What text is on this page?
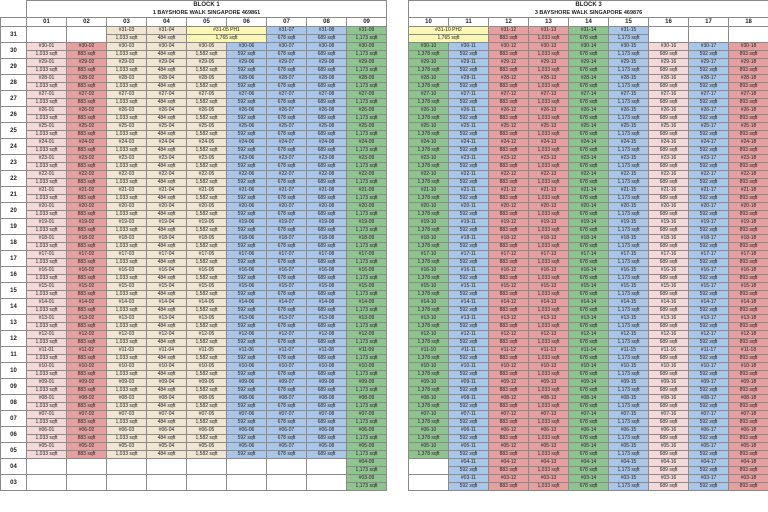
	BLOCK 1								
	1 BAYSHORE WALK SINGAPORE 469861								
	01	02	03	04	05	06	07	08	09
31			#31-03	#31-04	#31-05 PH1		#31-07	#31-08	#31-09
			1,033 sqft	484 sqft	1,765 sqft		678 sqft	689 sqft	1,173 sqft
30	#30-01	#30-02	#30-03	#30-04	#30-05	#30-06	#30-07	#30-08	#30-09
	1,033 sqft	883 sqft	1,033 sqft	484 sqft	1,582 sqft	592 sqft	678 sqft	689 sqft	1,173 sqft
29	#29-01	#29-02	#29-03	#29-04	#29-05	#29-06	#29-07	#29-08	#29-09
	1,033 sqft	883 sqft	1,033 sqft	484 sqft	1,582 sqft	592 sqft	678 sqft	689 sqft	1,173 sqft
28	#28-01	#28-02	#28-03	#28-04	#28-05	#28-06	#28-07	#28-08	#28-09
	1,033 sqft	883 sqft	1,033 sqft	484 sqft	1,582 sqft	592 sqft	678 sqft	689 sqft	1,173 sqft
27	#27-01	#27-02	#27-03	#27-04	#27-05	#27-06	#27-07	#27-08	#27-09
	1,033 sqft	883 sqft	1,033 sqft	484 sqft	1,582 sqft	592 sqft	678 sqft	689 sqft	1,173 sqft
26	#26-01	#26-02	#26-03	#26-04	#26-05	#26-06	#26-07	#26-08	#26-09
	1,033 sqft	883 sqft	1,033 sqft	484 sqft	1,582 sqft	592 sqft	678 sqft	689 sqft	1,173 sqft
25	#25-01	#25-02	#25-03	#25-04	#25-05	#25-06	#25-07	#25-08	#25-09
	1,033 sqft	883 sqft	1,033 sqft	484 sqft	1,582 sqft	592 sqft	678 sqft	689 sqft	1,173 sqft
24	#24-01	#24-02	#24-03	#24-04	#24-05	#24-06	#24-07	#24-08	#24-09
	1,033 sqft	883 sqft	1,033 sqft	484 sqft	1,582 sqft	592 sqft	678 sqft	689 sqft	1,173 sqft
23	#23-01	#23-02	#23-03	#23-04	#23-05	#23-06	#23-07	#23-08	#23-09
	1,033 sqft	883 sqft	1,033 sqft	484 sqft	1,582 sqft	592 sqft	678 sqft	689 sqft	1,173 sqft
22	#22-01	#22-02	#22-03	#22-04	#22-05	#22-06	#22-07	#22-08	#22-09
	1,033 sqft	883 sqft	1,033 sqft	484 sqft	1,582 sqft	592 sqft	678 sqft	689 sqft	1,173 sqft
21	#21-01	#21-02	#21-03	#21-04	#21-05	#21-06	#21-07	#21-08	#21-09
	1,033 sqft	883 sqft	1,033 sqft	484 sqft	1,582 sqft	592 sqft	678 sqft	689 sqft	1,173 sqft
20	#20-01	#20-02	#20-03	#20-04	#20-05	#20-06	#20-07	#20-08	#20-09
	1,033 sqft	883 sqft	1,033 sqft	484 sqft	1,582 sqft	592 sqft	678 sqft	689 sqft	1,173 sqft
19	#19-01	#19-02	#19-03	#19-04	#19-05	#19-06	#19-07	#19-08	#19-09
	1,033 sqft	883 sqft	1,033 sqft	484 sqft	1,582 sqft	592 sqft	678 sqft	689 sqft	1,173 sqft
18	#18-01	#18-02	#18-03	#18-04	#18-05	#18-06	#18-07	#18-08	#18-09
	1,033 sqft	883 sqft	1,033 sqft	484 sqft	1,582 sqft	592 sqft	678 sqft	689 sqft	1,173 sqft
17	#17-01	#17-02	#17-03	#17-04	#17-05	#17-06	#17-07	#17-08	#17-09
	1,033 sqft	883 sqft	1,033 sqft	484 sqft	1,582 sqft	592 sqft	678 sqft	689 sqft	1,173 sqft
16	#16-01	#16-02	#16-03	#16-04	#16-05	#16-06	#16-07	#16-08	#16-09
	1,033 sqft	883 sqft	1,033 sqft	484 sqft	1,582 sqft	592 sqft	678 sqft	689 sqft	1,173 sqft
15	#15-01	#15-02	#15-03	#15-04	#15-05	#15-06	#15-07	#15-08	#15-09
	1,033 sqft	883 sqft	1,033 sqft	484 sqft	1,582 sqft	592 sqft	678 sqft	689 sqft	1,173 sqft
14	#14-01	#14-02	#14-03	#14-04	#14-05	#14-06	#14-07	#14-08	#14-09
	1,033 sqft	883 sqft	1,033 sqft	484 sqft	1,582 sqft	592 sqft	678 sqft	689 sqft	1,173 sqft
13	#13-01	#13-02	#13-03	#13-04	#13-05	#13-06	#13-07	#13-08	#13-09
	1,033 sqft	883 sqft	1,033 sqft	484 sqft	1,582 sqft	592 sqft	678 sqft	689 sqft	1,173 sqft
12	#12-01	#12-02	#12-03	#12-04	#12-05	#12-06	#12-07	#12-08	#12-09
	1,033 sqft	883 sqft	1,033 sqft	484 sqft	1,582 sqft	592 sqft	678 sqft	689 sqft	1,173 sqft
11	#11-01	#11-02	#11-03	#11-04	#11-05	#11-06	#11-07	#11-08	#11-09
	1,033 sqft	883 sqft	1,033 sqft	484 sqft	1,582 sqft	592 sqft	678 sqft	689 sqft	1,173 sqft
10	#10-01	#10-02	#10-03	#10-04	#10-05	#10-06	#10-07	#10-08	#10-09
	1,033 sqft	883 sqft	1,033 sqft	484 sqft	1,582 sqft	592 sqft	678 sqft	689 sqft	1,173 sqft
09	#09-01	#09-02	#09-03	#09-04	#09-05	#09-06	#09-07	#09-08	#09-09
	1,033 sqft	883 sqft	1,033 sqft	484 sqft	1,582 sqft	592 sqft	678 sqft	689 sqft	1,173 sqft
08	#08-01	#08-02	#08-03	#08-04	#08-05	#08-06	#08-07	#08-08	#08-09
	1,033 sqft	883 sqft	1,033 sqft	484 sqft	1,582 sqft	592 sqft	678 sqft	689 sqft	1,173 sqft
07	#07-01	#07-02	#07-03	#07-04	#07-05	#07-06	#07-07	#07-08	#07-09
	1,033 sqft	883 sqft	1,033 sqft	484 sqft	1,582 sqft	592 sqft	678 sqft	689 sqft	1,173 sqft
06	#06-01	#06-02	#06-03	#06-04	#06-05	#06-06	#06-07	#06-08	#06-09
	1,033 sqft	883 sqft	1,033 sqft	484 sqft	1,582 sqft	592 sqft	678 sqft	689 sqft	1,173 sqft
05	#05-01	#05-02	#05-03	#05-04	#05-05	#05-06	#05-07	#05-08	#05-09
	1,033 sqft	883 sqft	1,033 sqft	484 sqft	1,582 sqft	592 sqft	678 sqft	689 sqft	1,173 sqft
04									#04-09
									1,173 sqft
03									#03-09
									1,173 sqft
BLOCK 3								
3 BAYSHORE WALK SINGAPORE 469876								
10	11	12	13	14	15	16	17	18
#31-10 PH2		#31-12	#31-13	#31-14	#31-15			
1,765 sqft		883 sqft	1,033 sqft	678 sqft	1,173 sqft			
#30-10	#30-11	#30-12	#30-13	#30-14	#30-15	#30-16	#30-17	#30-18
1,378 sqft	592 sqft	883 sqft	1,033 sqft	678 sqft	1,173 sqft	689 sqft	592 sqft	893 sqft
#29-10	#29-11	#29-12	#29-13	#29-14	#29-15	#29-16	#29-17	#29-18
1,378 sqft	592 sqft	883 sqft	1,033 sqft	678 sqft	1,173 sqft	689 sqft	592 sqft	893 sqft
#28-10	#28-11	#28-12	#28-13	#28-14	#28-15	#28-16	#28-17	#28-18
1,378 sqft	592 sqft	883 sqft	1,033 sqft	678 sqft	1,173 sqft	689 sqft	592 sqft	893 sqft
#27-10	#27-11	#27-12	#27-13	#27-14	#27-15	#27-16	#27-17	#27-18
1,378 sqft	592 sqft	883 sqft	1,033 sqft	678 sqft	1,173 sqft	689 sqft	592 sqft	893 sqft
#26-10	#26-11	#26-12	#26-13	#26-14	#26-15	#26-16	#26-17	#26-18
1,378 sqft	592 sqft	883 sqft	1,033 sqft	678 sqft	1,173 sqft	689 sqft	592 sqft	893 sqft
#25-10	#25-11	#25-12	#25-13	#25-14	#25-15	#25-16	#25-17	#25-18
1,378 sqft	592 sqft	883 sqft	1,033 sqft	678 sqft	1,173 sqft	689 sqft	592 sqft	893 sqft
#24-10	#24-11	#24-12	#24-13	#24-14	#24-15	#24-16	#24-17	#24-18
1,378 sqft	592 sqft	883 sqft	1,033 sqft	678 sqft	1,173 sqft	689 sqft	592 sqft	893 sqft
#23-10	#23-11	#23-12	#23-13	#23-14	#23-15	#23-16	#23-17	#23-18
1,378 sqft	592 sqft	883 sqft	1,033 sqft	678 sqft	1,173 sqft	689 sqft	592 sqft	893 sqft
#22-10	#22-11	#22-12	#22-13	#22-14	#22-15	#22-16	#22-17	#22-18
1,378 sqft	592 sqft	883 sqft	1,033 sqft	678 sqft	1,173 sqft	689 sqft	592 sqft	893 sqft
#21-10	#21-11	#21-12	#21-13	#21-14	#21-15	#21-16	#21-17	#21-18
1,378 sqft	592 sqft	883 sqft	1,033 sqft	678 sqft	1,173 sqft	689 sqft	592 sqft	893 sqft
#20-10	#20-11	#20-12	#20-13	#20-14	#20-15	#20-16	#20-17	#20-18
1,378 sqft	592 sqft	883 sqft	1,033 sqft	678 sqft	1,173 sqft	689 sqft	592 sqft	893 sqft
#19-10	#19-11	#19-12	#19-13	#19-14	#19-15	#19-16	#19-17	#19-18
1,378 sqft	592 sqft	883 sqft	1,033 sqft	678 sqft	1,173 sqft	689 sqft	592 sqft	893 sqft
#18-10	#18-11	#18-12	#18-13	#18-14	#18-15	#18-16	#18-17	#18-18
1,378 sqft	592 sqft	883 sqft	1,033 sqft	678 sqft	1,173 sqft	689 sqft	592 sqft	893 sqft
#17-10	#17-11	#17-12	#17-13	#17-14	#17-15	#17-16	#17-17	#17-18
1,378 sqft	592 sqft	883 sqft	1,033 sqft	678 sqft	1,173 sqft	689 sqft	592 sqft	893 sqft
#16-10	#16-11	#16-12	#16-13	#16-14	#16-15	#16-16	#16-17	#16-18
1,378 sqft	592 sqft	883 sqft	1,033 sqft	678 sqft	1,173 sqft	689 sqft	592 sqft	893 sqft
#15-10	#15-11	#15-12	#15-13	#15-14	#15-15	#15-16	#15-17	#15-18
1,378 sqft	592 sqft	883 sqft	1,033 sqft	678 sqft	1,173 sqft	689 sqft	592 sqft	893 sqft
#14-10	#14-11	#14-12	#14-13	#14-14	#14-15	#14-16	#14-17	#14-18
1,378 sqft	592 sqft	883 sqft	1,033 sqft	678 sqft	1,173 sqft	689 sqft	592 sqft	893 sqft
#13-10	#13-11	#13-12	#13-13	#13-14	#13-15	#13-16	#13-17	#13-18
1,378 sqft	592 sqft	883 sqft	1,033 sqft	678 sqft	1,173 sqft	689 sqft	592 sqft	893 sqft
#12-10	#12-11	#12-12	#12-13	#12-14	#12-15	#12-16	#12-17	#12-18
1,378 sqft	592 sqft	883 sqft	1,033 sqft	678 sqft	1,173 sqft	689 sqft	592 sqft	893 sqft
#11-10	#11-11	#11-12	#11-13	#11-14	#11-15	#11-16	#11-17	#11-18
1,378 sqft	592 sqft	883 sqft	1,033 sqft	678 sqft	1,173 sqft	689 sqft	592 sqft	893 sqft
#10-10	#10-11	#10-12	#10-13	#10-14	#10-15	#10-16	#10-17	#10-18
1,378 sqft	592 sqft	883 sqft	1,033 sqft	678 sqft	1,173 sqft	689 sqft	592 sqft	893 sqft
#09-10	#09-11	#09-12	#09-13	#09-14	#09-15	#09-16	#09-17	#09-18
1,378 sqft	592 sqft	883 sqft	1,033 sqft	678 sqft	1,173 sqft	689 sqft	592 sqft	893 sqft
#08-10	#08-11	#08-12	#08-13	#08-14	#08-15	#08-16	#08-17	#08-18
1,378 sqft	592 sqft	883 sqft	1,033 sqft	678 sqft	1,173 sqft	689 sqft	592 sqft	893 sqft
#07-10	#07-11	#07-12	#07-13	#07-14	#07-15	#07-16	#07-17	#07-18
1,378 sqft	592 sqft	883 sqft	1,033 sqft	678 sqft	1,173 sqft	689 sqft	592 sqft	893 sqft
#06-10	#06-11	#06-12	#06-13	#06-14	#06-15	#06-16	#06-17	#06-18
1,378 sqft	592 sqft	883 sqft	1,033 sqft	678 sqft	1,173 sqft	689 sqft	592 sqft	893 sqft
#05-10	#05-11	#05-12	#05-13	#05-14	#05-15	#05-16	#05-17	#05-18
1,378 sqft	592 sqft	883 sqft	1,033 sqft	678 sqft	1,173 sqft	689 sqft	592 sqft	893 sqft
	#04-11	#04-12	#04-13	#04-14	#04-15	#04-16	#04-17	#04-18
	592 sqft	883 sqft	1,033 sqft	678 sqft	1,173 sqft	689 sqft	592 sqft	893 sqft
	#03-11	#03-12	#03-13	#03-14	#03-15	#03-16	#03-17	#03-18
	592 sqft	883 sqft	1,033 sqft	678 sqft	1,173 sqft	689 sqft	592 sqft	893 sqft
